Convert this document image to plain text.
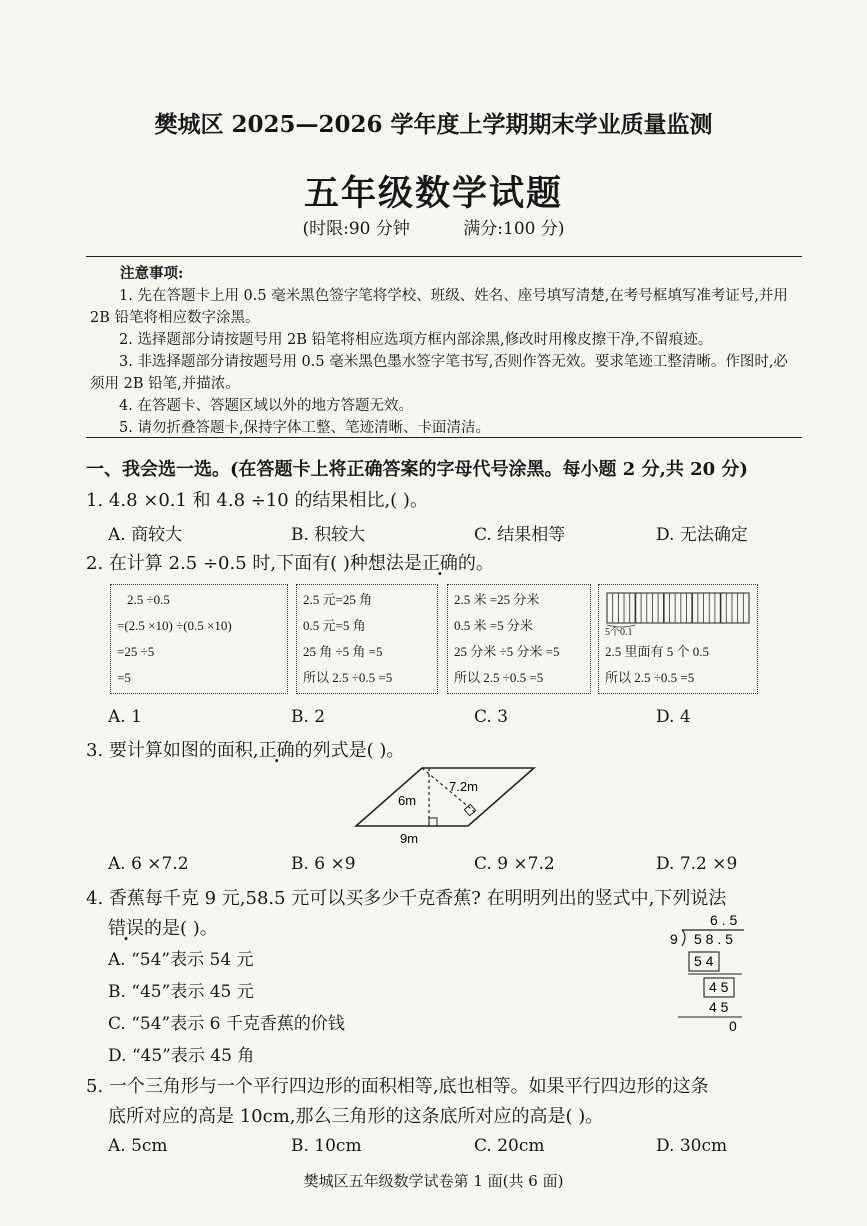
樊城区 2025—2026 学年度上学期期末学业质量监测
五年级数学试题
(时限:90 分钟	满分:100 分)

注意事项:

1. 先在答题卡上用 0.5 毫米黑色签字笔将学校、班级、姓名、座号填写清楚,在考号框填写准考证号,并用 2B 铅笔将相应数字涂黑。

2. 选择题部分请按题号用 2B 铅笔将相应选项方框内部涂黑,修改时用橡皮擦干净,不留痕迹。

3. 非选择题部分请按题号用 0.5 毫米黑色墨水签字笔书写,否则作答无效。要求笔迹工整清晰。作图时,必须用 2B 铅笔,并描浓。

4. 在答题卡、答题区域以外的地方答题无效。

5. 请勿折叠答题卡,保持字体工整、笔迹清晰、卡面清洁。

一、我会选一选。(在答题卡上将正确答案的字母代号涂黑。每小题 2 分,共 20 分)
1. 4.8 ×0.1 和 4.8 ÷10 的结果相比,( )。
A. 商较大	B. 积较大	C. 结果相等	D. 无法确定
2. 在计算 2.5 ÷0.5 时,下面有( )种想法是正确的。
2.5 ÷0.5
=(2.5 ×10) ÷(0.5 ×10)
=25 ÷5
=5
2.5 元=25 角
0.5 元=5 角
25 角 ÷5 角 =5
所以 2.5 ÷0.5 =5
2.5 米 =25 分米
0.5 米 =5 分米
25 分米 ÷5 分米 =5
所以 2.5 ÷0.5 =5
5个0.1
2.5 里面有 5 个 0.5
所以 2.5 ÷0.5 =5
A. 1	B. 2	C. 3	D. 4
3. 要计算如图的面积,正确的列式是( )。
6m
7.2m
9m
A. 6 ×7.2	B. 6 ×9	C. 9 ×7.2	D. 7.2 ×9
4. 香蕉每千克 9 元,58.5 元可以买多少千克香蕉? 在明明列出的竖式中,下列说法
错误的是( )。	6 . 5
9 5 8 . 5
5 4
4 5
4 5
0
A. “54”表示 54 元
B. “45”表示 45 元
C. “54”表示 6 千克香蕉的价钱
D. “45”表示 45 角
5. 一个三角形与一个平行四边形的面积相等,底也相等。如果平行四边形的这条
底所对应的高是 10cm,那么三角形的这条底所对应的高是( )。
A. 5cm	B. 10cm	C. 20cm	D. 30cm
樊城区五年级数学试卷第 1 面(共 6 面)
